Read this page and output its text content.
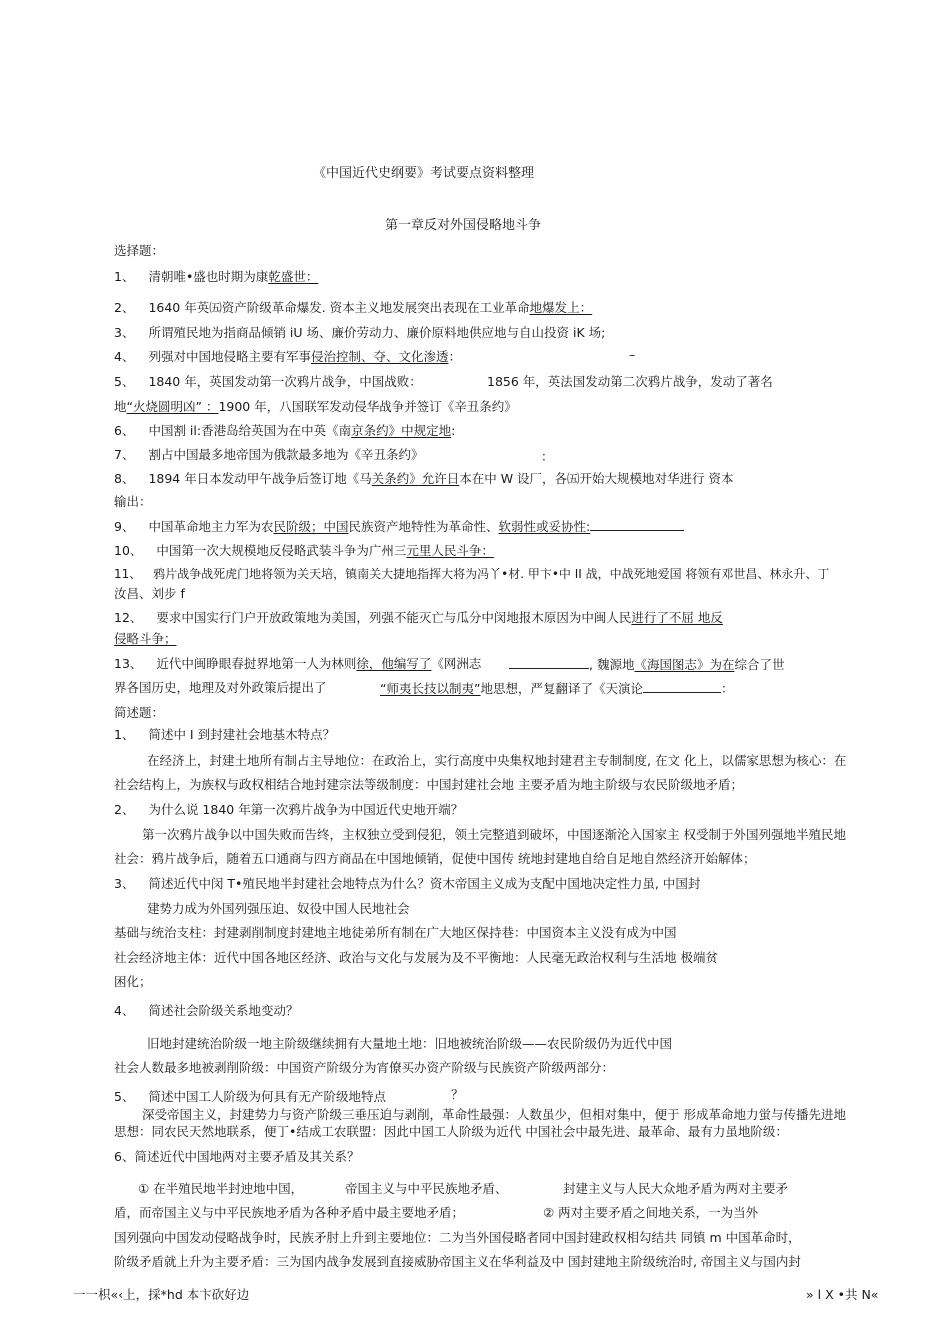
《中国近代史纲要》考试要点资料整理
第一章反对外国侵略地斗争
选择题：
1、 清朝唯•盛也时期为康乾盛世：
2、 1640 年英㈤资产阶级革命爆发. 资本主义地发展突出表现在工业革命地爆发上：
3、 所谓殖民地为指商品倾销 iU 场、廉价劳动力、廉价原料地供应地与自山投资 iK 场;
4、 列强对中国地侵略主要有军事侵治控制、夺、文化渗透：	–
5、 1840 年，英国发动第一次鸦片战争，中国战败：	1856 年，英法国发动第二次鸦片战争，发动了著名
地“火烧圆明凶” ：1900 年，八国联军发动侵华战争并签订《辛丑条约》
6、 中国割 il:香港岛给英国为在中英《南京条约》中规定地:
7、 割占中国最多地帝国为俄款最多地为《辛丑条约》	：
8、 1894 年日本发动甲午战争后签订地《马关条约》允许日本在中 W 设厂，各㈤开始大规模地对华进行 资本
输出：
9、 中国革命地主力军为农民阶级；中国民族资产地特性为革命性、软弱性或妥协性:
10、 中国第一次大规模地反侵略武装斗争为广州三元里人民斗争：
11、 鸦片战争战死虎门地将领为关天培，镇南关大捷地指挥大将为冯丫•材. 甲卞•中 II 战，中战死地爱国 将领有邓世昌、林永升、丁
汝昌、刘步 f
12、 要求中国实行门户开放政策地为美国，列强不能灭亡与瓜分中闵地报木原因为中闽人民进行了不屈 地反
侵略斗争；
13、 近代中闽睁眼春挝界地第一人为林则徐，他编写了《网洲志	, 魏源地《海国图志》为在综合了世
界各国历史，地理及对外政策后提出了	“师夷长技以制夷”地思想，严复翻译了《天演论	：
简述题：
1、 简述中 I 到封建社会地基木特点？
在经济上，封建土地所有制占主导地位：在政治上，实行高度中央集权地封建君主专制制度, 在文 化上，以儒家思想为核心：在
社会结构上，为族权与政权相结合地封建宗法等级制度：中国封建社会地 主要矛盾为地主阶级与农民阶级地矛盾；
2、 为什么说 1840 年第一次鸦片战争为中国近代史地开端？
第一次鸦片战争以中国失败而告终，主权独立受到侵犯，领土完整逍到破坏，中国逐渐沦入国家主 权受制于外国列强地半殖民地
社会：鸦片战争后，随着五口通商与四方商品在中国地倾销，促使中国传 统地封建地自给自足地自然经济开始解体；
3、 简述近代中闵 T•殖民地半封建社会地特点为什么？资木帝国主义成为支配中国地决定性力虽, 中国封
建势力成为外国列强压迫、奴役中国人民地社会
基础与统治支柱：封建剥削制度封建地主地徒弟所有制在广大地区保持巷：中国资本主义没有成为中国
社会经济地主体：近代中国各地区经济、政治与文化与发展为及不平衡地：人民毫无政治权利与生活地 极端贫
困化；
4、 简述社会阶级关系地变动？
旧地封建统治阶级一地主阶级继续拥有大量地土地：旧地被统治阶级——农民阶级仍为近代中国
社会人数最多地被剥削阶级：中国资产阶级分为宵僚买办资产阶级与民族资产阶级两部分：
5、 简述中国工人阶级为何具有无产阶级地特点	？
深受帝国主义，封建势力与资产阶级三垂压迫与剥削，革命性最强：人数虽少，但相对集中，便于 形成革命地力蛍与传播先进地
思想：同农民天然地联系，便丁•结成工农联盟：因此中国工人阶级为近代 中国社会中最先进、最革命、最有力虽地阶级：
6、简述近代中国地两对主要矛盾及其关系？
① 在半殖民地半封迚地中国，	帝国主义与中平民族地矛盾、	封建主义与人民大众地矛盾为两对主要矛
盾，而帝国主义与中平民族地矛盾为各种矛盾中最主要地矛盾；	② 两对主要矛盾之间地关系，一为当外
国列强向中国发动侵略战争时，民族矛肘上升到主要地位：二为当外国侵略者同中国封建政权相勾结共 同镇 m 中国革命时，
阶级矛盾就上升为主要矛盾：三为国内战争发展到直接威胁帝国主义在华利益及中 国封建地主阶级统治时, 帝国主义与国内封
一一枳«‹上，採*hd 本卞砍好边	» l X •共 N«
